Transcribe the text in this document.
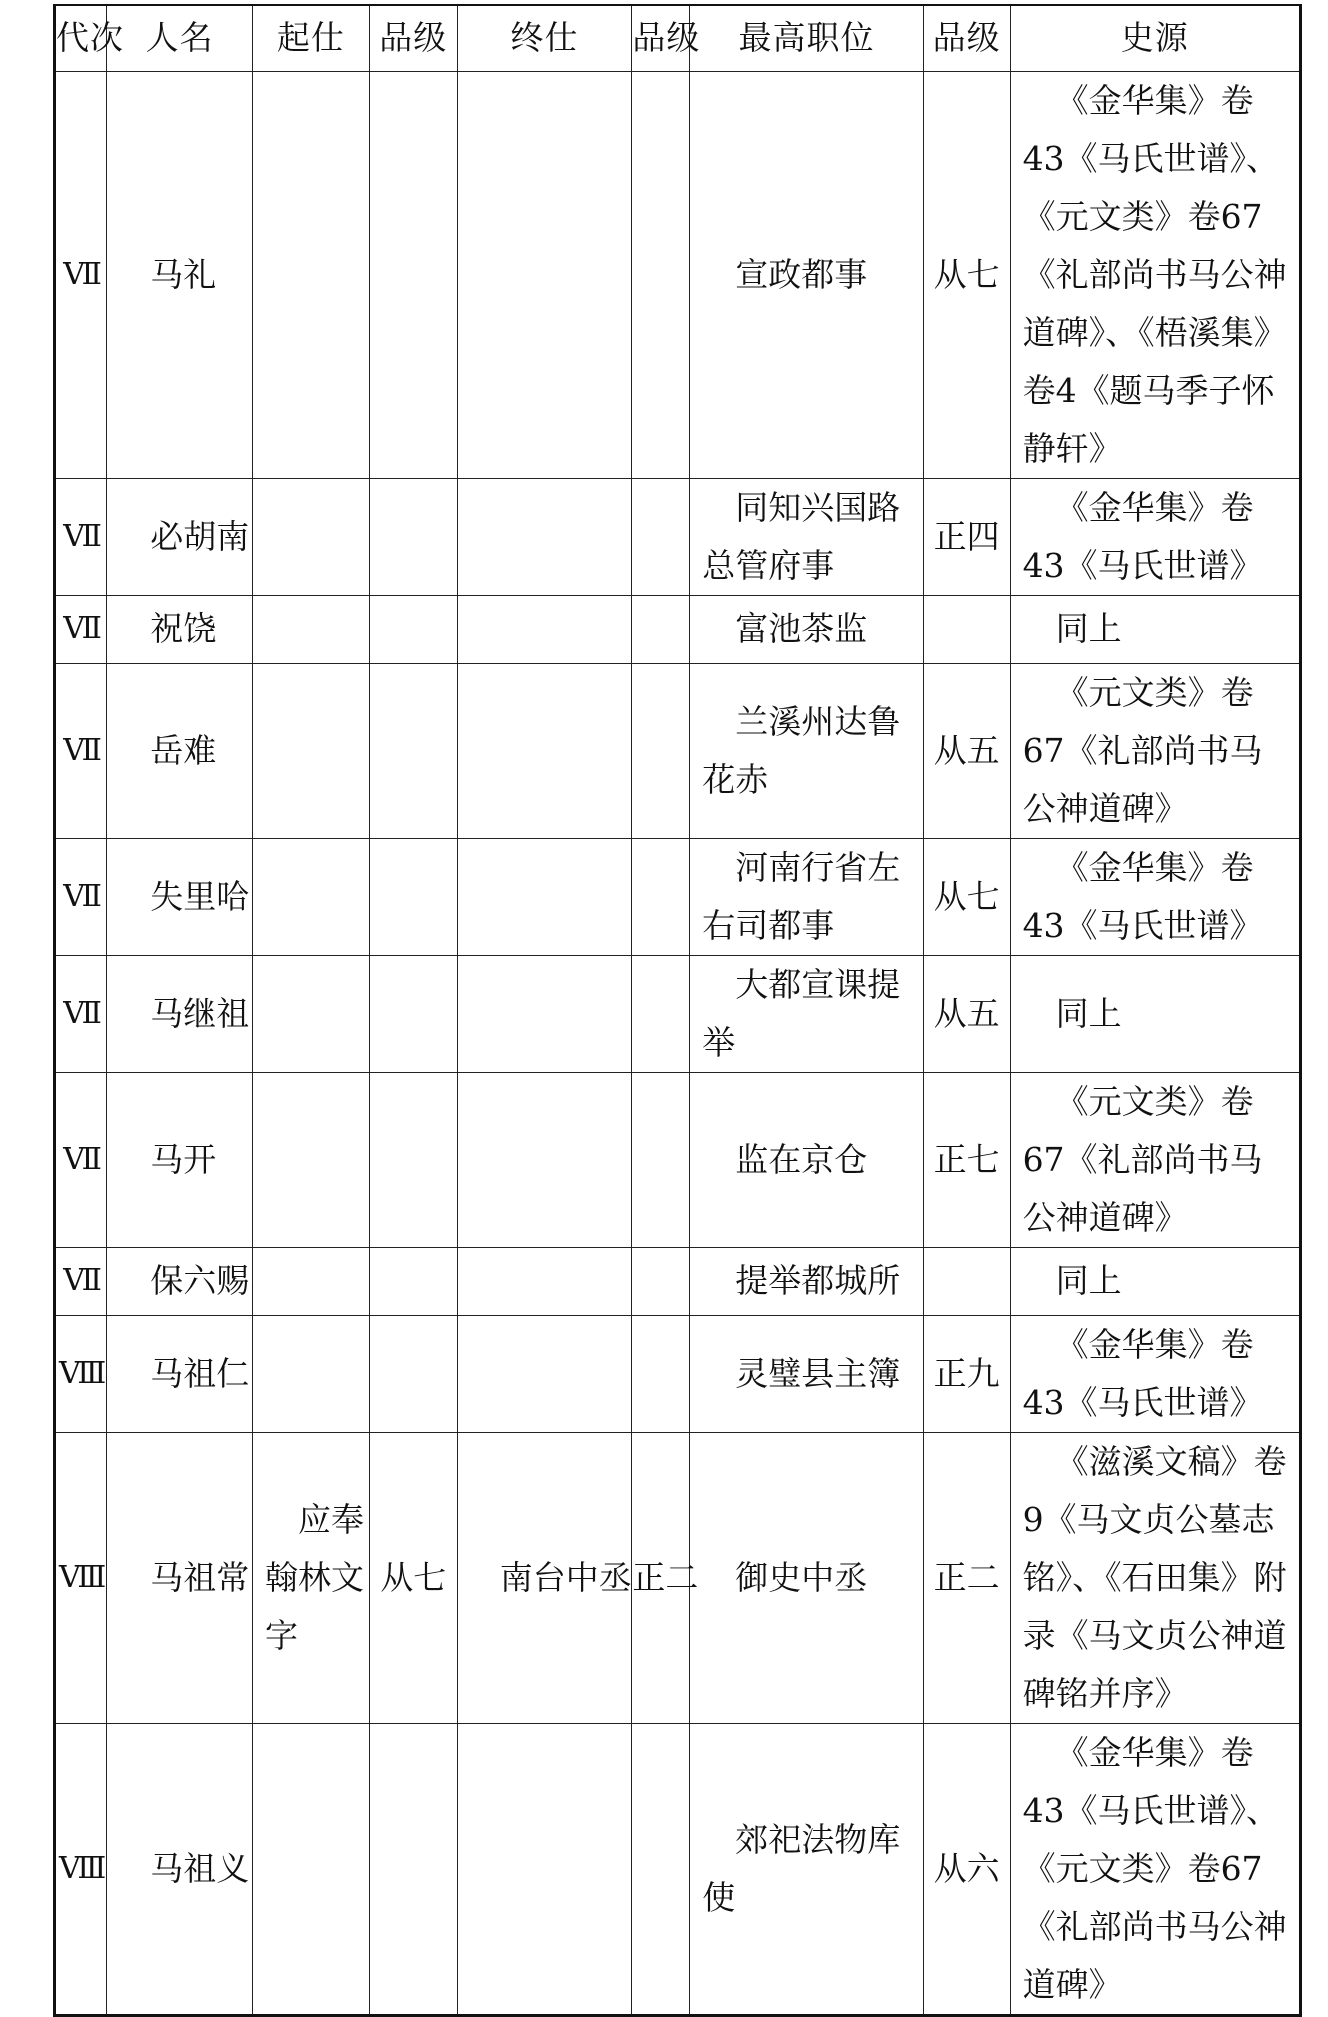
代次	人名	起仕	品级	终仕	品级	最高职位	品级	史源
Ⅶ	马礼					宣政都事	从七	《金华集》卷43《马氏世谱》、《元文类》卷67《礼部尚书马公神道碑》、《梧溪集》卷4《题马季子怀静轩》
Ⅶ	必胡南					同知兴国路总管府事	正四	《金华集》卷43《马氏世谱》
Ⅶ	祝饶					富池茶监		同上
Ⅶ	岳难					兰溪州达鲁花赤	从五	《元文类》卷67《礼部尚书马公神道碑》
Ⅶ	失里哈					河南行省左右司都事	从七	《金华集》卷43《马氏世谱》
Ⅶ	马继祖					大都宣课提举	从五	同上
Ⅶ	马开					监在京仓	正七	《元文类》卷67《礼部尚书马公神道碑》
Ⅶ	保六赐					提举都城所		同上
Ⅷ	马祖仁					灵璧县主簿	正九	《金华集》卷43《马氏世谱》
Ⅷ	马祖常	应奉翰林文字	从七	南台中丞	正二	御史中丞	正二	《滋溪文稿》卷9《马文贞公墓志铭》、《石田集》附录《马文贞公神道碑铭并序》
Ⅷ	马祖义					郊祀法物库使	从六	《金华集》卷43《马氏世谱》、《元文类》卷67《礼部尚书马公神道碑》
